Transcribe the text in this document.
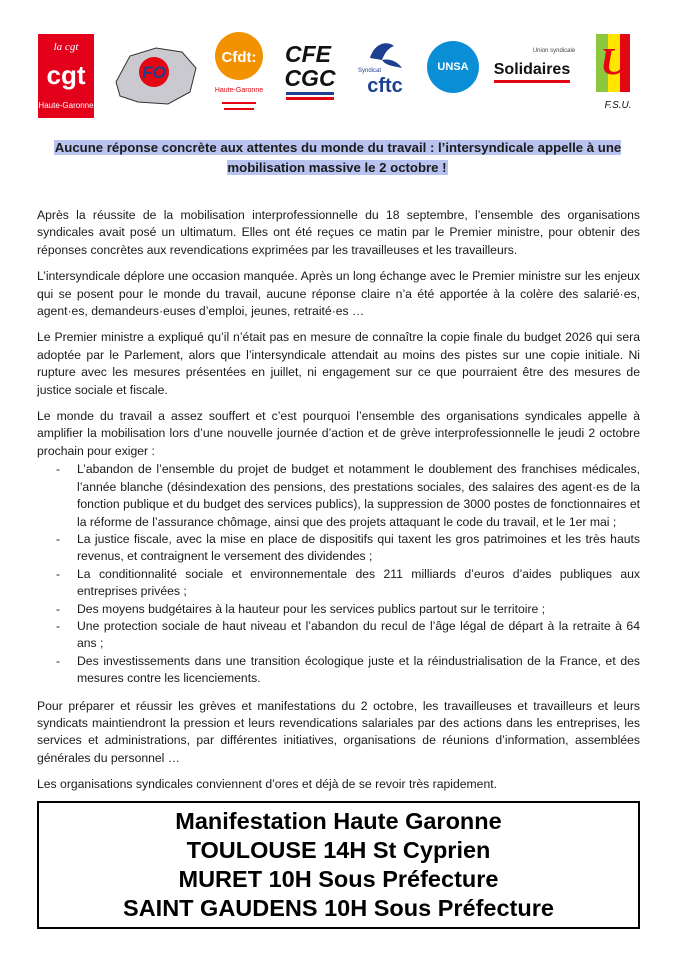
la cgt
cgt
Haute-Garonne
FO
Cfdt:
Haute-Garonne
CFE
CGC	Syndicat
cftc
UNSA
Union syndicale
Solidaires U
F.S.U.
Aucune réponse concrète aux attentes du monde du travail : l’intersyndicale appelle à une mobilisation massive le 2 octobre !

Après la réussite de la mobilisation interprofessionnelle du 18 septembre, l’ensemble des organisations syndicales avait posé un ultimatum. Elles ont été reçues ce matin par le Premier ministre, pour obtenir des réponses concrètes aux revendications exprimées par les travailleuses et les travailleurs.

L’intersyndicale déplore une occasion manquée. Après un long échange avec le Premier ministre sur les enjeux qui se posent pour le monde du travail, aucune réponse claire n’a été apportée à la colère des salarié·es, agent·es, demandeurs·euses d’emploi, jeunes, retraité·es …

Le Premier ministre a expliqué qu’il n’était pas en mesure de connaître la copie finale du budget 2026 qui sera adoptée par le Parlement, alors que l’intersyndicale attendait au moins des pistes sur une copie initiale. Ni rupture avec les mesures présentées en juillet, ni engagement sur ce que pourraient être des mesures de justice sociale et fiscale.

Le monde du travail a assez souffert et c’est pourquoi l’ensemble des organisations syndicales appelle à amplifier la mobilisation lors d’une nouvelle journée d’action et de grève interprofessionnelle le jeudi 2 octobre prochain pour exiger :

- L’abandon de l’ensemble du projet de budget et notamment le doublement des franchises médicales, l’année blanche (désindexation des pensions, des prestations sociales, des salaires des agent·es de la fonction publique et du budget des services publics), la suppression de 3000 postes de fonctionnaires et la réforme de l’assurance chômage, ainsi que des projets attaquant le code du travail, et le 1er mai ;
- La justice fiscale, avec la mise en place de dispositifs qui taxent les gros patrimoines et les très hauts revenus, et contraignent le versement des dividendes ;
- La conditionnalité sociale et environnementale des 211 milliards d’euros d’aides publiques aux entreprises privées ;
- Des moyens budgétaires à la hauteur pour les services publics partout sur le territoire ;
- Une protection sociale de haut niveau et l’abandon du recul de l’âge légal de départ à la retraite à 64 ans ;
- Des investissements dans une transition écologique juste et la réindustrialisation de la France, et des mesures contre les licenciements.

Pour préparer et réussir les grèves et manifestations du 2 octobre, les travailleuses et travailleurs et leurs syndicats maintiendront la pression et leurs revendications salariales par des actions dans les entreprises, les services et administrations, par différentes initiatives, organisations de réunions d’information, assemblées générales du personnel …

Les organisations syndicales conviennent d’ores et déjà de se revoir très rapidement.

Manifestation Haute Garonne
TOULOUSE 14H St Cyprien
MURET 10H Sous Préfecture
SAINT GAUDENS 10H Sous Préfecture
